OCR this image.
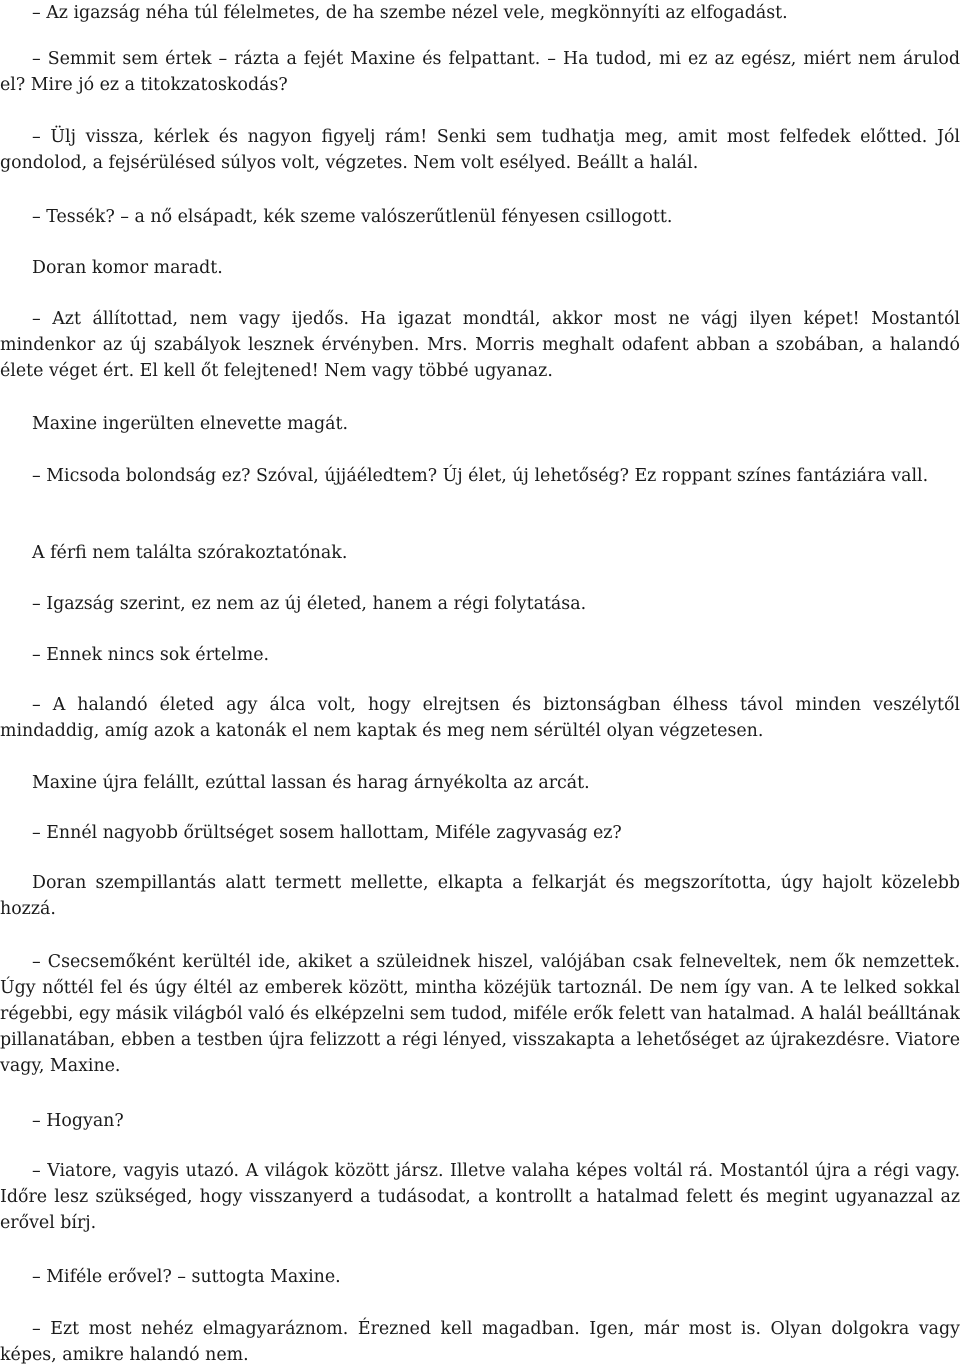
– Az igazság néha túl félelmetes, de ha szembe nézel vele, megkönnyíti az elfogadást.

– Semmit sem értek – rázta a fejét Maxine és felpattant. – Ha tudod, mi ez az egész, miért nem árulod el? Mire jó ez a titokzatoskodás?

– Ülj vissza, kérlek és nagyon figyelj rám! Senki sem tudhatja meg, amit most felfedek előtted. Jól gondolod, a fejsérülésed súlyos volt, végzetes. Nem volt esélyed. Beállt a halál.

– Tessék? – a nő elsápadt, kék szeme valószerűtlenül fényesen csillogott.

Doran komor maradt.

– Azt állítottad, nem vagy ijedős. Ha igazat mondtál, akkor most ne vágj ilyen képet! Mostantól mindenkor az új szabályok lesznek érvényben. Mrs. Morris meghalt odafent abban a szobában, a halandó élete véget ért. El kell őt felejtened! Nem vagy többé ugyanaz.

Maxine ingerülten elnevette magát.

– Micsoda bolondság ez? Szóval, újjáéledtem? Új élet, új lehetőség? Ez roppant színes fantáziára vall.

A férfi nem találta szórakoztatónak.

– Igazság szerint, ez nem az új életed, hanem a régi folytatása.

– Ennek nincs sok értelme.

– A halandó életed agy álca volt, hogy elrejtsen és biztonságban élhess távol minden veszélytől mindaddig, amíg azok a katonák el nem kaptak és meg nem sérültél olyan végzetesen.

Maxine újra felállt, ezúttal lassan és harag árnyékolta az arcát.

– Ennél nagyobb őrültséget sosem hallottam, Miféle zagyvaság ez?

Doran szempillantás alatt termett mellette, elkapta a felkarját és megszorította, úgy hajolt közelebb hozzá.

– Csecsemőként kerültél ide, akiket a szüleidnek hiszel, valójában csak felneveltek, nem ők nemzettek. Úgy nőttél fel és úgy éltél az emberek között, mintha közéjük tartoznál. De nem így van. A te lelked sokkal régebbi, egy másik világból való és elképzelni sem tudod, miféle erők felett van hatalmad. A halál beálltának pillanatában, ebben a testben újra felizzott a régi lényed, visszakapta a lehetőséget az újrakezdésre. Viatore vagy, Maxine.

– Hogyan?

– Viatore, vagyis utazó. A világok között jársz. Illetve valaha képes voltál rá. Mostantól újra a régi vagy. Időre lesz szükséged, hogy visszanyerd a tudásodat, a kontrollt a hatalmad felett és megint ugyanazzal az erővel bírj.

– Miféle erővel? – suttogta Maxine.

– Ezt most nehéz elmagyaráznom. Érezned kell magadban. Igen, már most is. Olyan dolgokra vagy képes, amikre halandó nem.
